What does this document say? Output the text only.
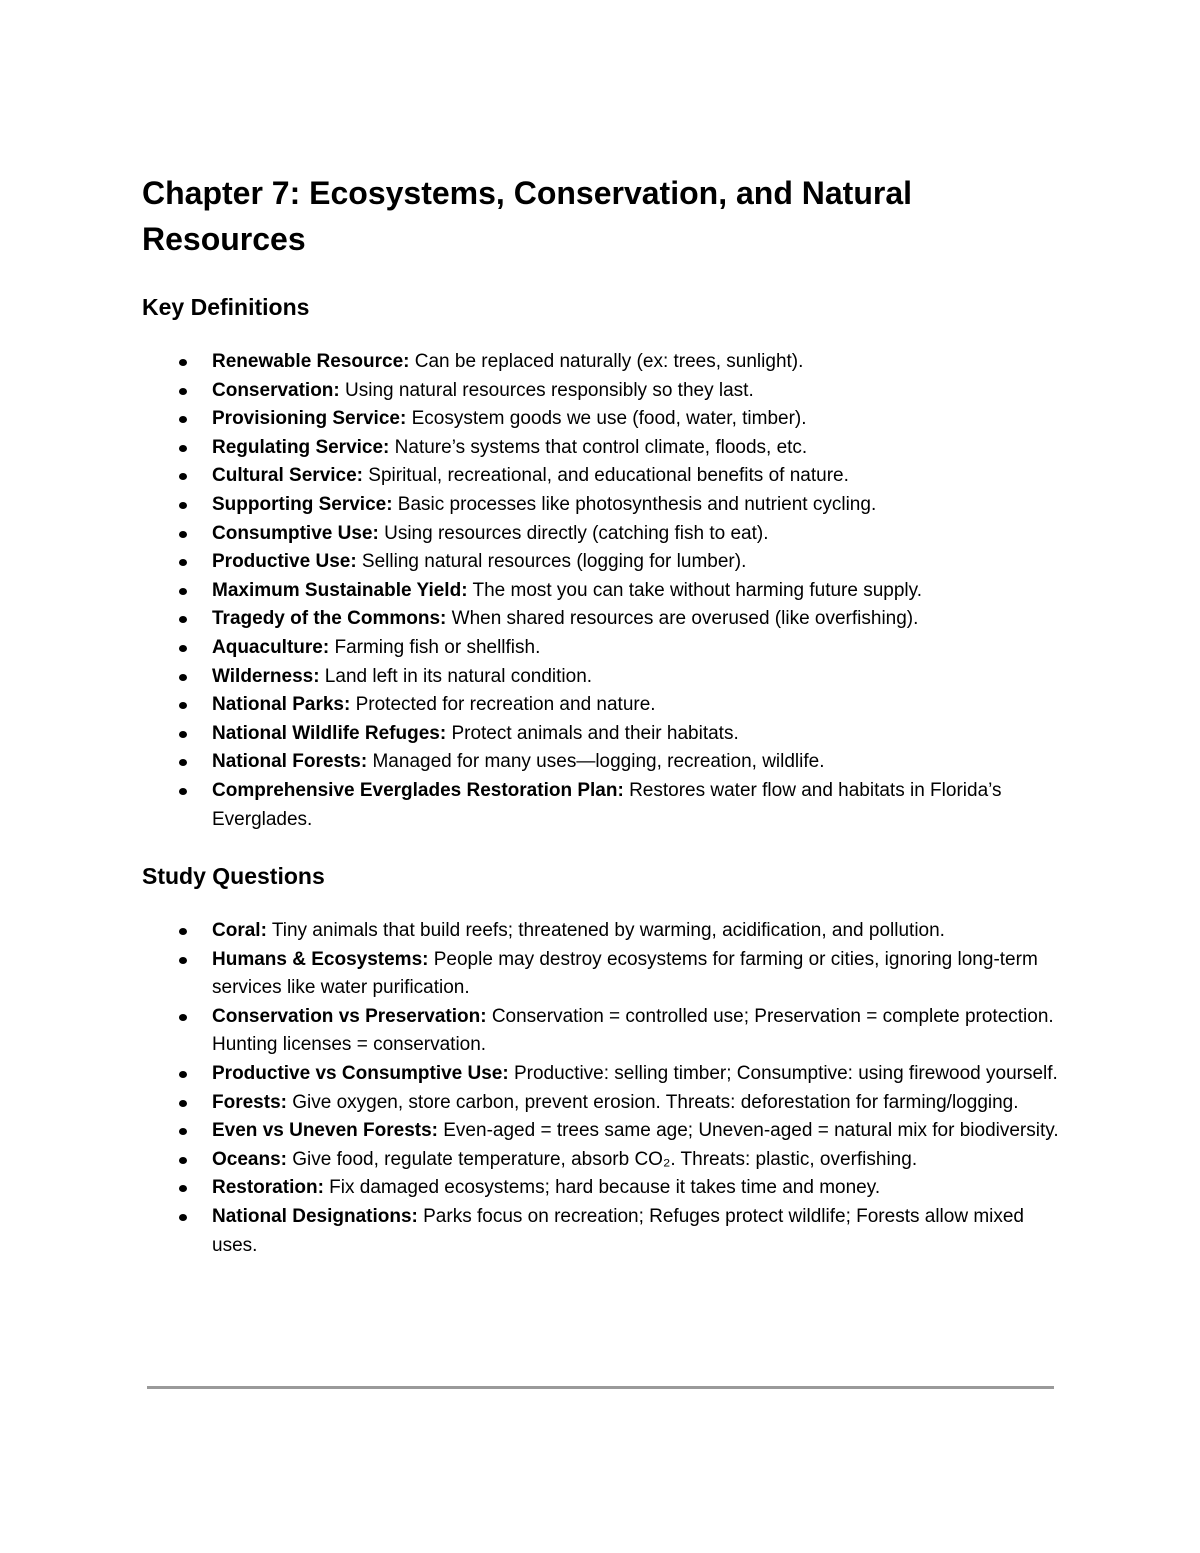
Chapter 7: Ecosystems, Conservation, and Natural Resources
Key Definitions
Renewable Resource: Can be replaced naturally (ex: trees, sunlight).
Conservation: Using natural resources responsibly so they last.
Provisioning Service: Ecosystem goods we use (food, water, timber).
Regulating Service: Nature’s systems that control climate, floods, etc.
Cultural Service: Spiritual, recreational, and educational benefits of nature.
Supporting Service: Basic processes like photosynthesis and nutrient cycling.
Consumptive Use: Using resources directly (catching fish to eat).
Productive Use: Selling natural resources (logging for lumber).
Maximum Sustainable Yield: The most you can take without harming future supply.
Tragedy of the Commons: When shared resources are overused (like overfishing).
Aquaculture: Farming fish or shellfish.
Wilderness: Land left in its natural condition.
National Parks: Protected for recreation and nature.
National Wildlife Refuges: Protect animals and their habitats.
National Forests: Managed for many uses—logging, recreation, wildlife.
Comprehensive Everglades Restoration Plan: Restores water flow and habitats in Florida’s Everglades.
Study Questions
Coral: Tiny animals that build reefs; threatened by warming, acidification, and pollution.
Humans & Ecosystems: People may destroy ecosystems for farming or cities, ignoring long-term services like water purification.
Conservation vs Preservation: Conservation = controlled use; Preservation = complete protection. Hunting licenses = conservation.
Productive vs Consumptive Use: Productive: selling timber; Consumptive: using firewood yourself.
Forests: Give oxygen, store carbon, prevent erosion. Threats: deforestation for farming/logging.
Even vs Uneven Forests: Even-aged = trees same age; Uneven-aged = natural mix for biodiversity.
Oceans: Give food, regulate temperature, absorb CO₂. Threats: plastic, overfishing.
Restoration: Fix damaged ecosystems; hard because it takes time and money.
National Designations: Parks focus on recreation; Refuges protect wildlife; Forests allow mixed uses.
